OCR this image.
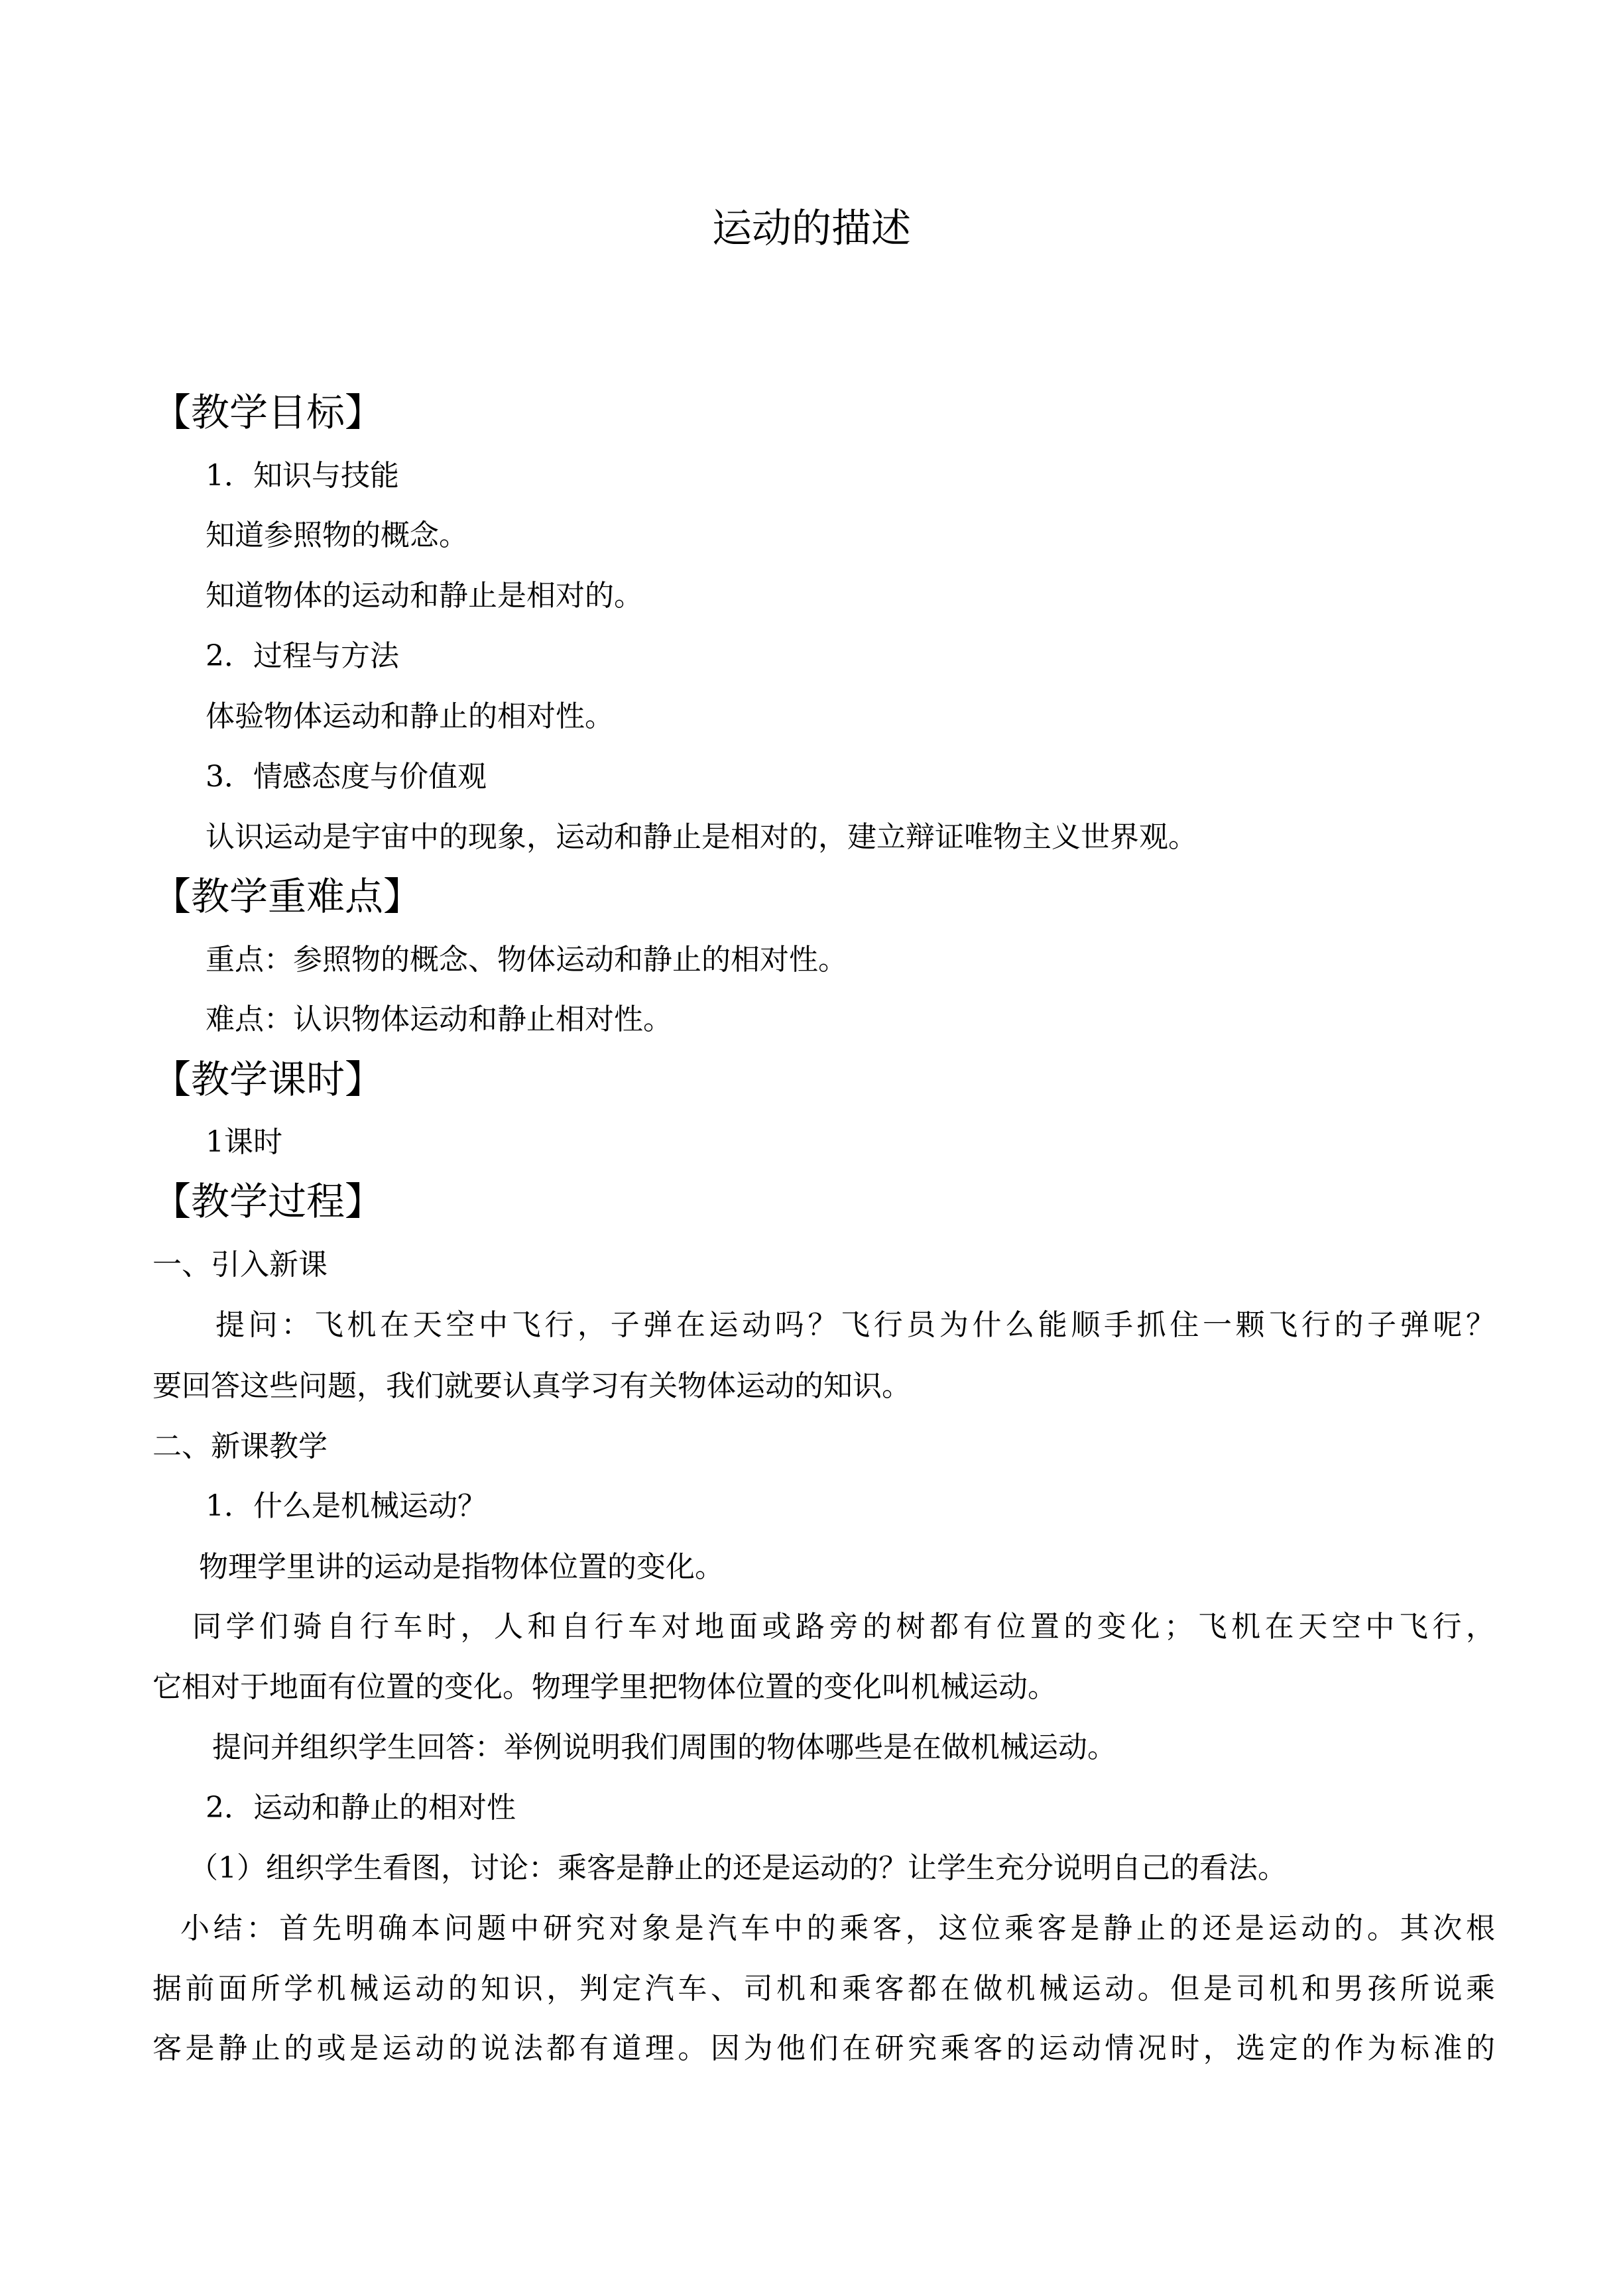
运动的描述
【教学目标】
1．知识与技能
知道参照物的概念。
知道物体的运动和静止是相对的。
2．过程与方法
体验物体运动和静止的相对性。
3．情感态度与价值观
认识运动是宇宙中的现象，运动和静止是相对的，建立辩证唯物主义世界观。
【教学重难点】
重点：参照物的概念、物体运动和静止的相对性。
难点：认识物体运动和静止相对性。
【教学课时】
1课时
【教学过程】
一、引入新课
提问：飞机在天空中飞行，子弹在运动吗？飞行员为什么能顺手抓住一颗飞行的子弹呢？
要回答这些问题，我们就要认真学习有关物体运动的知识。
二、新课教学
1．什么是机械运动？
物理学里讲的运动是指物体位置的变化。
同学们骑自行车时，人和自行车对地面或路旁的树都有位置的变化；飞机在天空中飞行，
它相对于地面有位置的变化。物理学里把物体位置的变化叫机械运动。
提问并组织学生回答：举例说明我们周围的物体哪些是在做机械运动。
2．运动和静止的相对性
（1）组织学生看图，讨论：乘客是静止的还是运动的？让学生充分说明自己的看法。
小结：首先明确本问题中研究对象是汽车中的乘客，这位乘客是静止的还是运动的。其次根
据前面所学机械运动的知识，判定汽车、司机和乘客都在做机械运动。但是司机和男孩所说乘
客是静止的或是运动的说法都有道理。因为他们在研究乘客的运动情况时，选定的作为标准的
